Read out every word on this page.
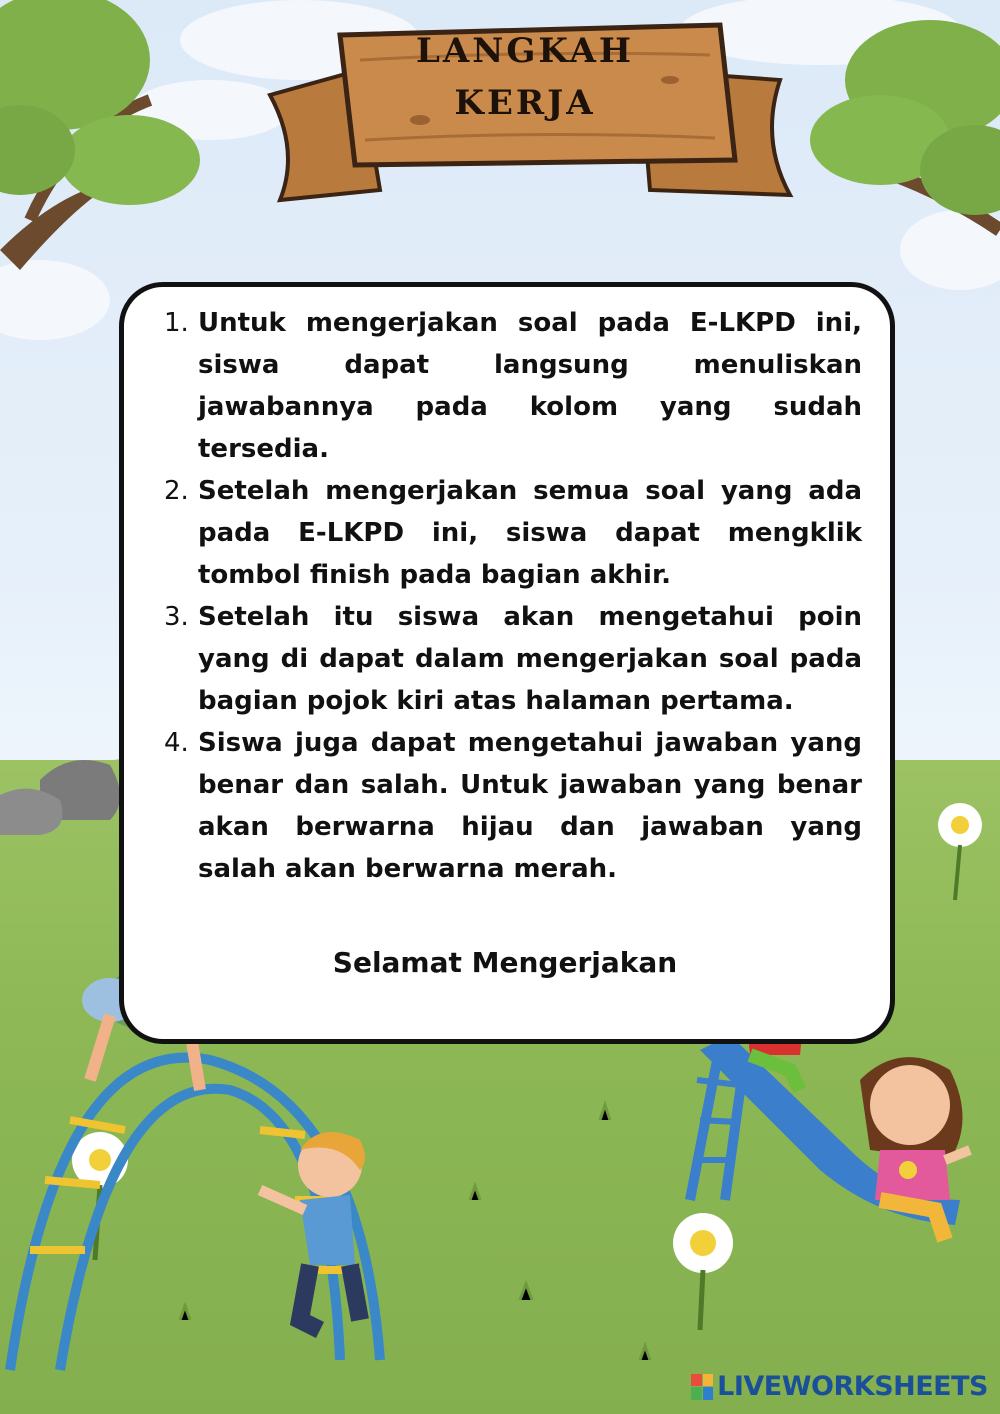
LANGKAH
KERJA
1. Untuk mengerjakan soal pada E-LKPD ini, siswa dapat langsung menuliskan jawabannya pada kolom yang sudah tersedia.
2. Setelah mengerjakan semua soal yang ada pada E-LKPD ini, siswa dapat mengklik tombol finish pada bagian akhir.
3. Setelah itu siswa akan mengetahui poin yang di dapat dalam mengerjakan soal pada bagian pojok kiri atas halaman pertama.
4. Siswa juga dapat mengetahui jawaban yang benar dan salah. Untuk jawaban yang benar akan berwarna hijau dan jawaban yang salah akan berwarna merah.
Selamat Mengerjakan
LIVEWORKSHEETS
